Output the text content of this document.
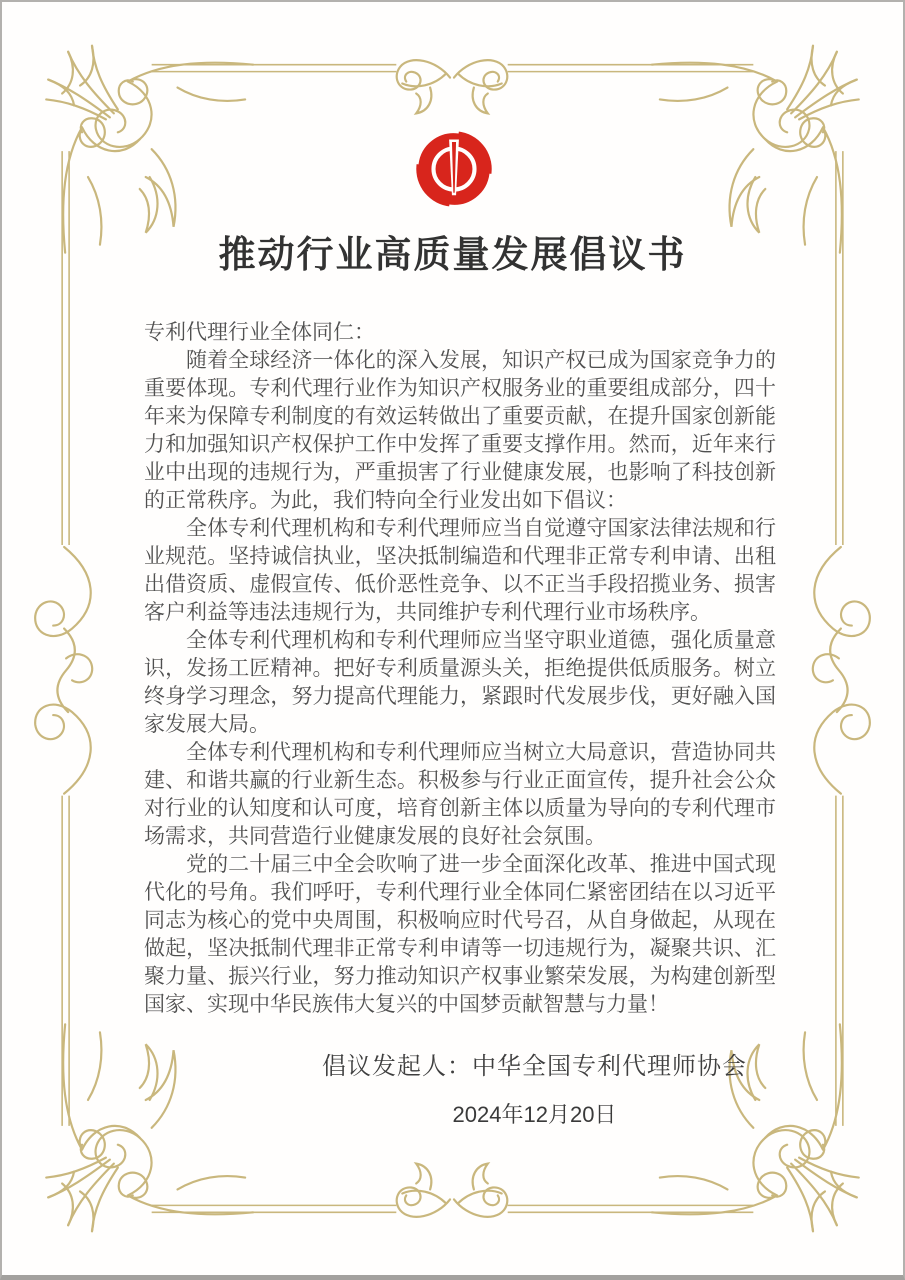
推动行业高质量发展倡议书

专利代理行业全体同仁：

随着全球经济一体化的深入发展，知识产权已成为国家竞争力的重要体现。专利代理行业作为知识产权服务业的重要组成部分，四十年来为保障专利制度的有效运转做出了重要贡献，在提升国家创新能力和加强知识产权保护工作中发挥了重要支撑作用。然而，近年来行业中出现的违规行为，严重损害了行业健康发展，也影响了科技创新的正常秩序。为此，我们特向全行业发出如下倡议：

全体专利代理机构和专利代理师应当自觉遵守国家法律法规和行业规范。坚持诚信执业，坚决抵制编造和代理非正常专利申请、出租出借资质、虚假宣传、低价恶性竞争、以不正当手段招揽业务、损害客户利益等违法违规行为，共同维护专利代理行业市场秩序。

全体专利代理机构和专利代理师应当坚守职业道德，强化质量意识，发扬工匠精神。把好专利质量源头关，拒绝提供低质服务。树立终身学习理念，努力提高代理能力，紧跟时代发展步伐，更好融入国家发展大局。

全体专利代理机构和专利代理师应当树立大局意识，营造协同共建、和谐共赢的行业新生态。积极参与行业正面宣传，提升社会公众对行业的认知度和认可度，培育创新主体以质量为导向的专利代理市场需求，共同营造行业健康发展的良好社会氛围。

党的二十届三中全会吹响了进一步全面深化改革、推进中国式现代化的号角。我们呼吁，专利代理行业全体同仁紧密团结在以习近平同志为核心的党中央周围，积极响应时代号召，从自身做起，从现在做起，坚决抵制代理非正常专利申请等一切违规行为，凝聚共识、汇聚力量、振兴行业，努力推动知识产权事业繁荣发展，为构建创新型国家、实现中华民族伟大复兴的中国梦贡献智慧与力量！

倡议发起人：中华全国专利代理师协会
2024年12月20日
